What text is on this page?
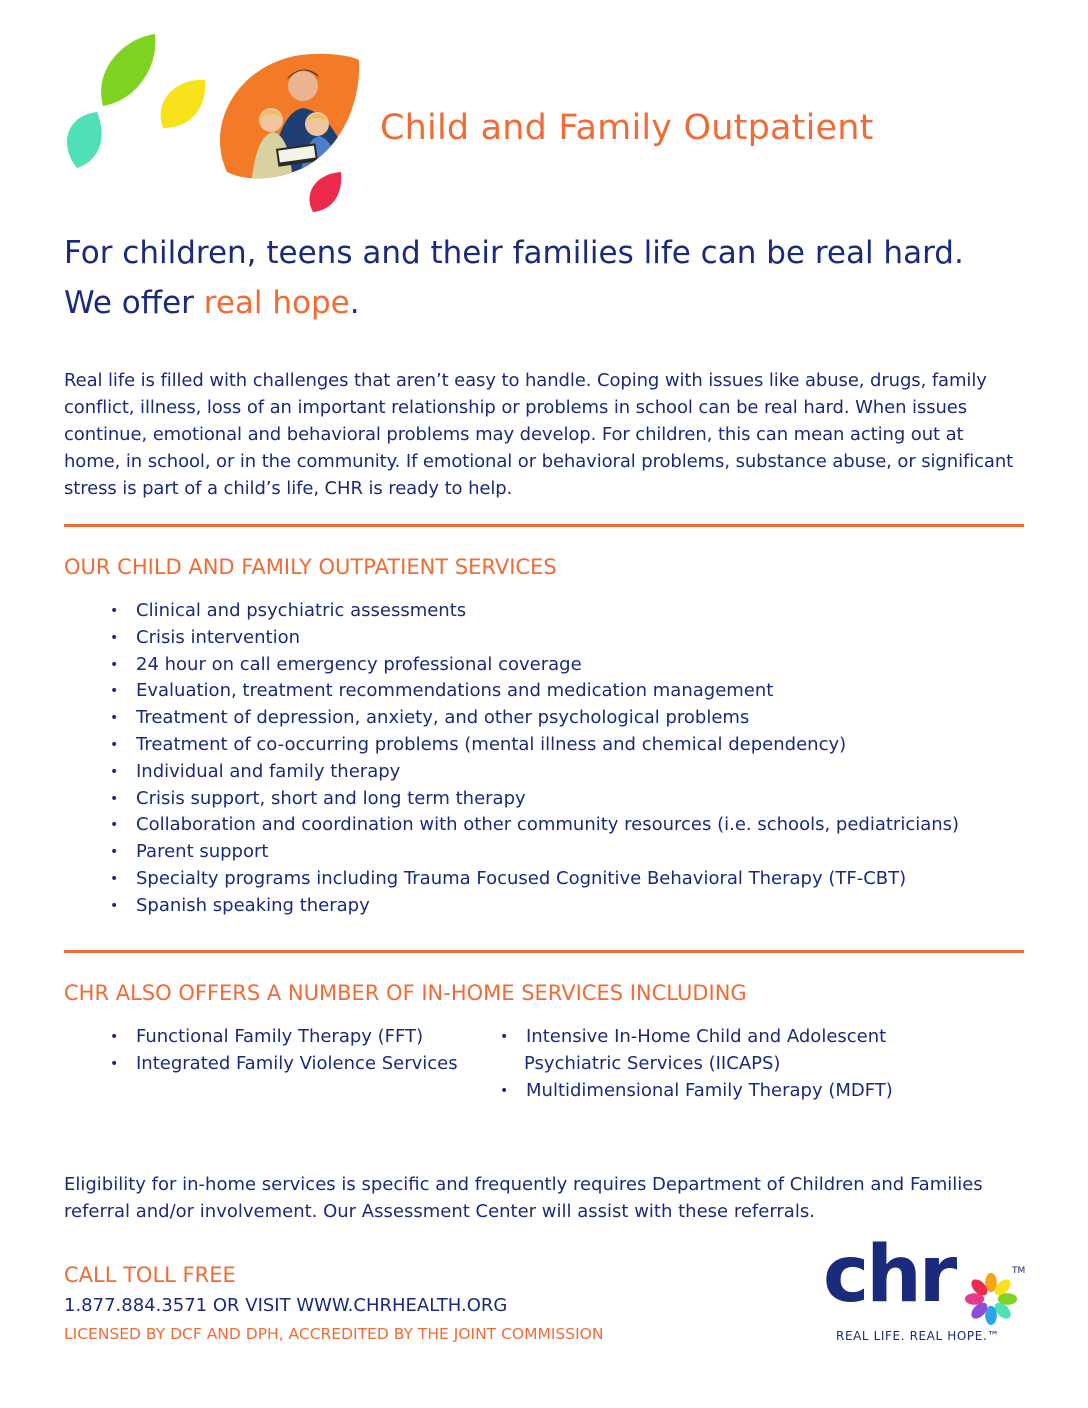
Child and Family Outpatient
For children, teens and their families life can be real hard.
We offer real hope.
Real life is filled with challenges that aren’t easy to handle. Coping with issues like abuse, drugs, family conflict, illness, loss of an important relationship or problems in school can be real hard. When issues continue, emotional and behavioral problems may develop. For children, this can mean acting out at home, in school, or in the community. If emotional or behavioral problems, substance abuse, or significant stress is part of a child’s life, CHR is ready to help.
OUR CHILD AND FAMILY OUTPATIENT SERVICES
• Clinical and psychiatric assessments
• Crisis intervention
• 24 hour on call emergency professional coverage
• Evaluation, treatment recommendations and medication management
• Treatment of depression, anxiety, and other psychological problems
• Treatment of co-occurring problems (mental illness and chemical dependency)
• Individual and family therapy
• Crisis support, short and long term therapy
• Collaboration and coordination with other community resources (i.e. schools, pediatricians)
• Parent support
• Specialty programs including Trauma Focused Cognitive Behavioral Therapy (TF-CBT)
• Spanish speaking therapy
CHR ALSO OFFERS A NUMBER OF IN-HOME SERVICES INCLUDING
• Functional Family Therapy (FFT)
• Integrated Family Violence Services
• Intensive In-Home Child and Adolescent
Psychiatric Services (IICAPS)
• Multidimensional Family Therapy (MDFT)
Eligibility for in-home services is specific and frequently requires Department of Children and Families referral and/or involvement. Our Assessment Center will assist with these referrals.
CALL TOLL FREE
1.877.884.3571 OR VISIT WWW.CHRHEALTH.ORG
LICENSED BY DCF AND DPH, ACCREDITED BY THE JOINT COMMISSION
chr	TM
REAL LIFE. REAL HOPE.™
